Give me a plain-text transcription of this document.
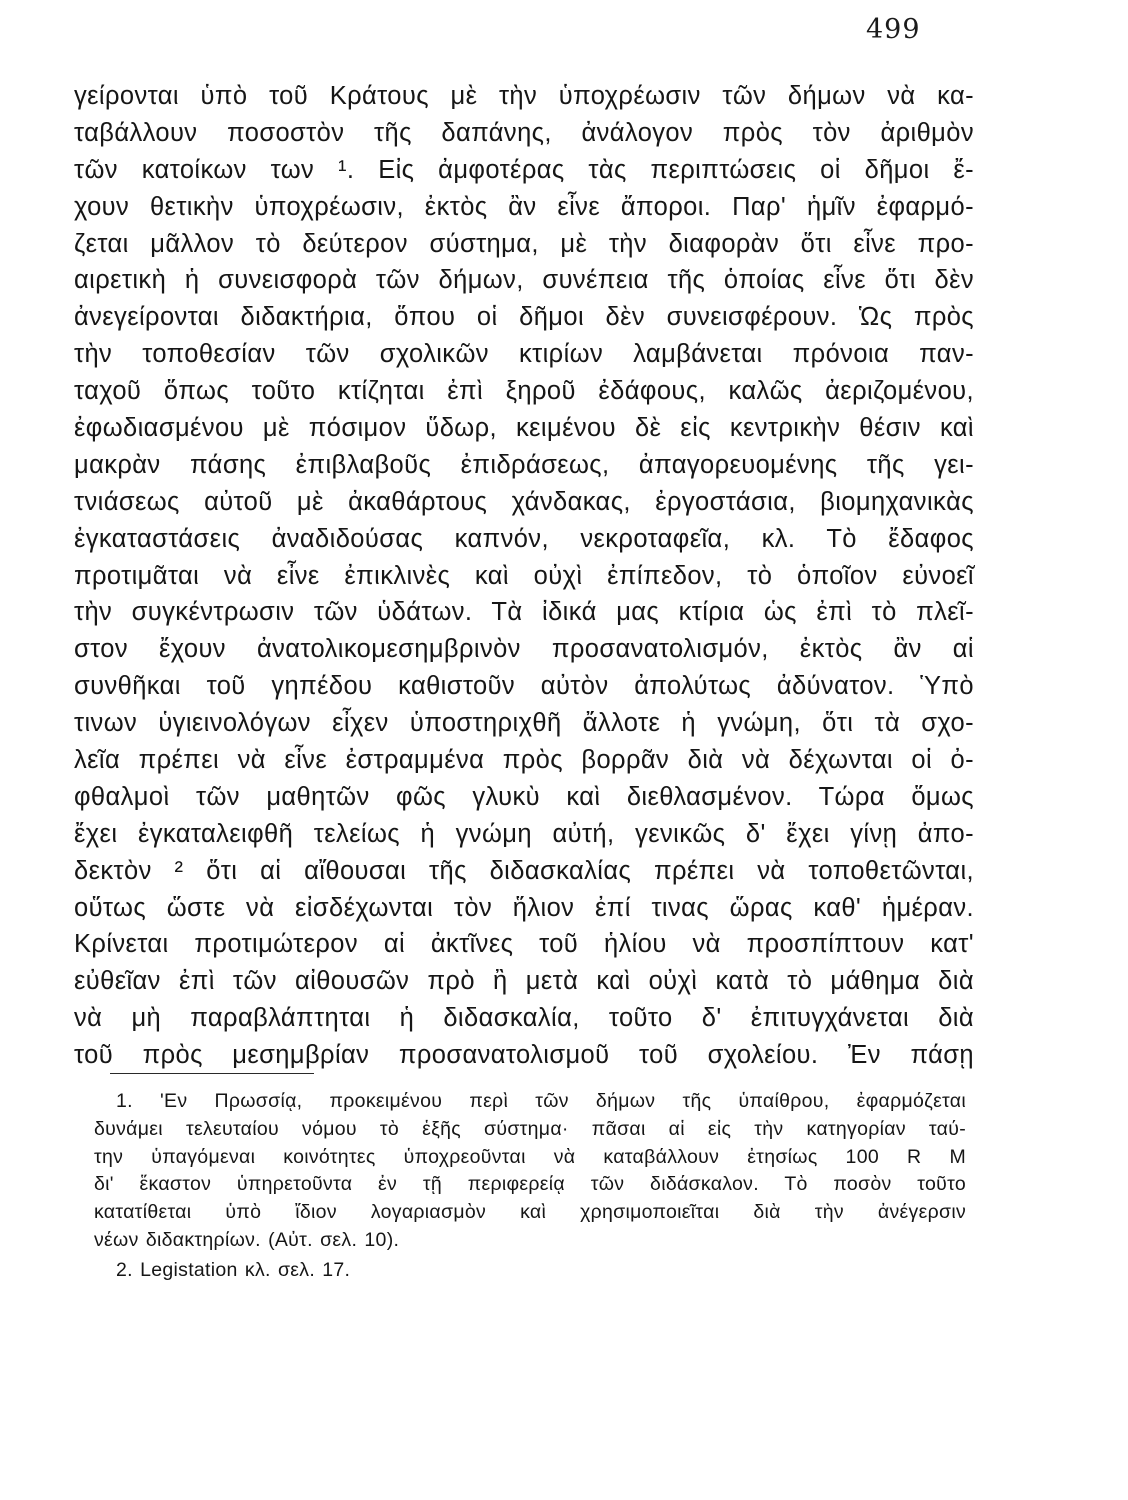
499
γείρονται ὑπὸ τοῦ Κράτους μὲ τὴν ὑποχρέωσιν τῶν δήμων νὰ κα-
ταβάλλουν ποσοστὸν τῆς δαπάνης, ἀνάλογον πρὸς τὸν ἀριθμὸν
τῶν κατοίκων των ¹. Εἰς ἀμφοτέρας τὰς περιπτώσεις οἱ δῆμοι ἔ-
χουν θετικὴν ὑποχρέωσιν, ἐκτὸς ἂν εἶνε ἄποροι. Παρ' ἡμῖν ἐφαρμό-
ζεται μᾶλλον τὸ δεύτερον σύστημα, μὲ τὴν διαφορὰν ὅτι εἶνε προ-
αιρετικὴ ἡ συνεισφορὰ τῶν δήμων, συνέπεια τῆς ὁποίας εἶνε ὅτι δὲν
ἀνεγείρονται διδακτήρια, ὅπου οἱ δῆμοι δὲν συνεισφέρουν. Ὡς πρὸς
τὴν τοποθεσίαν τῶν σχολικῶν κτιρίων λαμβάνεται πρόνοια παν-
ταχοῦ ὅπως τοῦτο κτίζηται ἐπὶ ξηροῦ ἐδάφους, καλῶς ἀεριζομένου,
ἐφωδιασμένου μὲ πόσιμον ὕδωρ, κειμένου δὲ εἰς κεντρικὴν θέσιν καὶ
μακρὰν πάσης ἐπιβλαβοῦς ἐπιδράσεως, ἀπαγορευομένης τῆς γει-
τνιάσεως αὐτοῦ μὲ ἀκαθάρτους χάνδακας, ἐργοστάσια, βιομηχανικὰς
ἐγκαταστάσεις ἀναδιδούσας καπνόν, νεκροταφεῖα, κλ. Τὸ ἔδαφος
προτιμᾶται νὰ εἶνε ἐπικλινὲς καὶ οὐχὶ ἐπίπεδον, τὸ ὁποῖον εὐνοεῖ
τὴν συγκέντρωσιν τῶν ὑδάτων. Τὰ ἰδικά μας κτίρια ὡς ἐπὶ τὸ πλεῖ-
στον ἔχουν ἀνατολικομεσημβρινὸν προσανατολισμόν, ἐκτὸς ἂν αἱ
συνθῆκαι τοῦ γηπέδου καθιστοῦν αὐτὸν ἀπολύτως ἀδύνατον. Ὑπὸ
τινων ὑγιεινολόγων εἶχεν ὑποστηριχθῆ ἄλλοτε ἡ γνώμη, ὅτι τὰ σχο-
λεῖα πρέπει νὰ εἶνε ἐστραμμένα πρὸς βορρᾶν διὰ νὰ δέχωνται οἱ ὀ-
φθαλμοὶ τῶν μαθητῶν φῶς γλυκὺ καὶ διεθλασμένον. Τώρα ὅμως
ἔχει ἐγκαταλειφθῆ τελείως ἡ γνώμη αὐτή, γενικῶς δ' ἔχει γίνῃ ἀπο-
δεκτὸν ² ὅτι αἱ αἴθουσαι τῆς διδασκαλίας πρέπει νὰ τοποθετῶνται,
οὕτως ὥστε νὰ εἰσδέχωνται τὸν ἥλιον ἐπί τινας ὥρας καθ' ἡμέραν.
Κρίνεται προτιμώτερον αἱ ἀκτῖνες τοῦ ἡλίου νὰ προσπίπτουν κατ'
εὐθεῖαν ἐπὶ τῶν αἰθουσῶν πρὸ ἢ μετὰ καὶ οὐχὶ κατὰ τὸ μάθημα διὰ
νὰ μὴ παραβλάπτηται ἡ διδασκαλία, τοῦτο δ' ἐπιτυγχάνεται διὰ
τοῦ πρὸς μεσημβρίαν προσανατολισμοῦ τοῦ σχολείου. Ἐν πάσῃ
1. 'Εν Πρωσσίᾳ, προκειμένου περὶ τῶν δήμων τῆς ὑπαίθρου, ἐφαρμόζεται
δυνάμει τελευταίου νόμου τὸ ἑξῆς σύστημα· πᾶσαι αἱ εἰς τὴν κατηγορίαν ταύ-
την ὑπαγόμεναι κοινότητες ὑποχρεοῦνται νὰ καταβάλλουν ἐτησίως 100 R M
δι' ἕκαστον ὑπηρετοῦντα ἐν τῇ περιφερείᾳ τῶν διδάσκαλον. Τὸ ποσὸν τοῦτο
κατατίθεται ὑπὸ ἴδιον λογαριασμὸν καὶ χρησιμοποιεῖται διὰ τὴν ἀνέγερσιν
νέων διδακτηρίων. (Αὐτ. σελ. 10).
2. Legistation κλ. σελ. 17.
